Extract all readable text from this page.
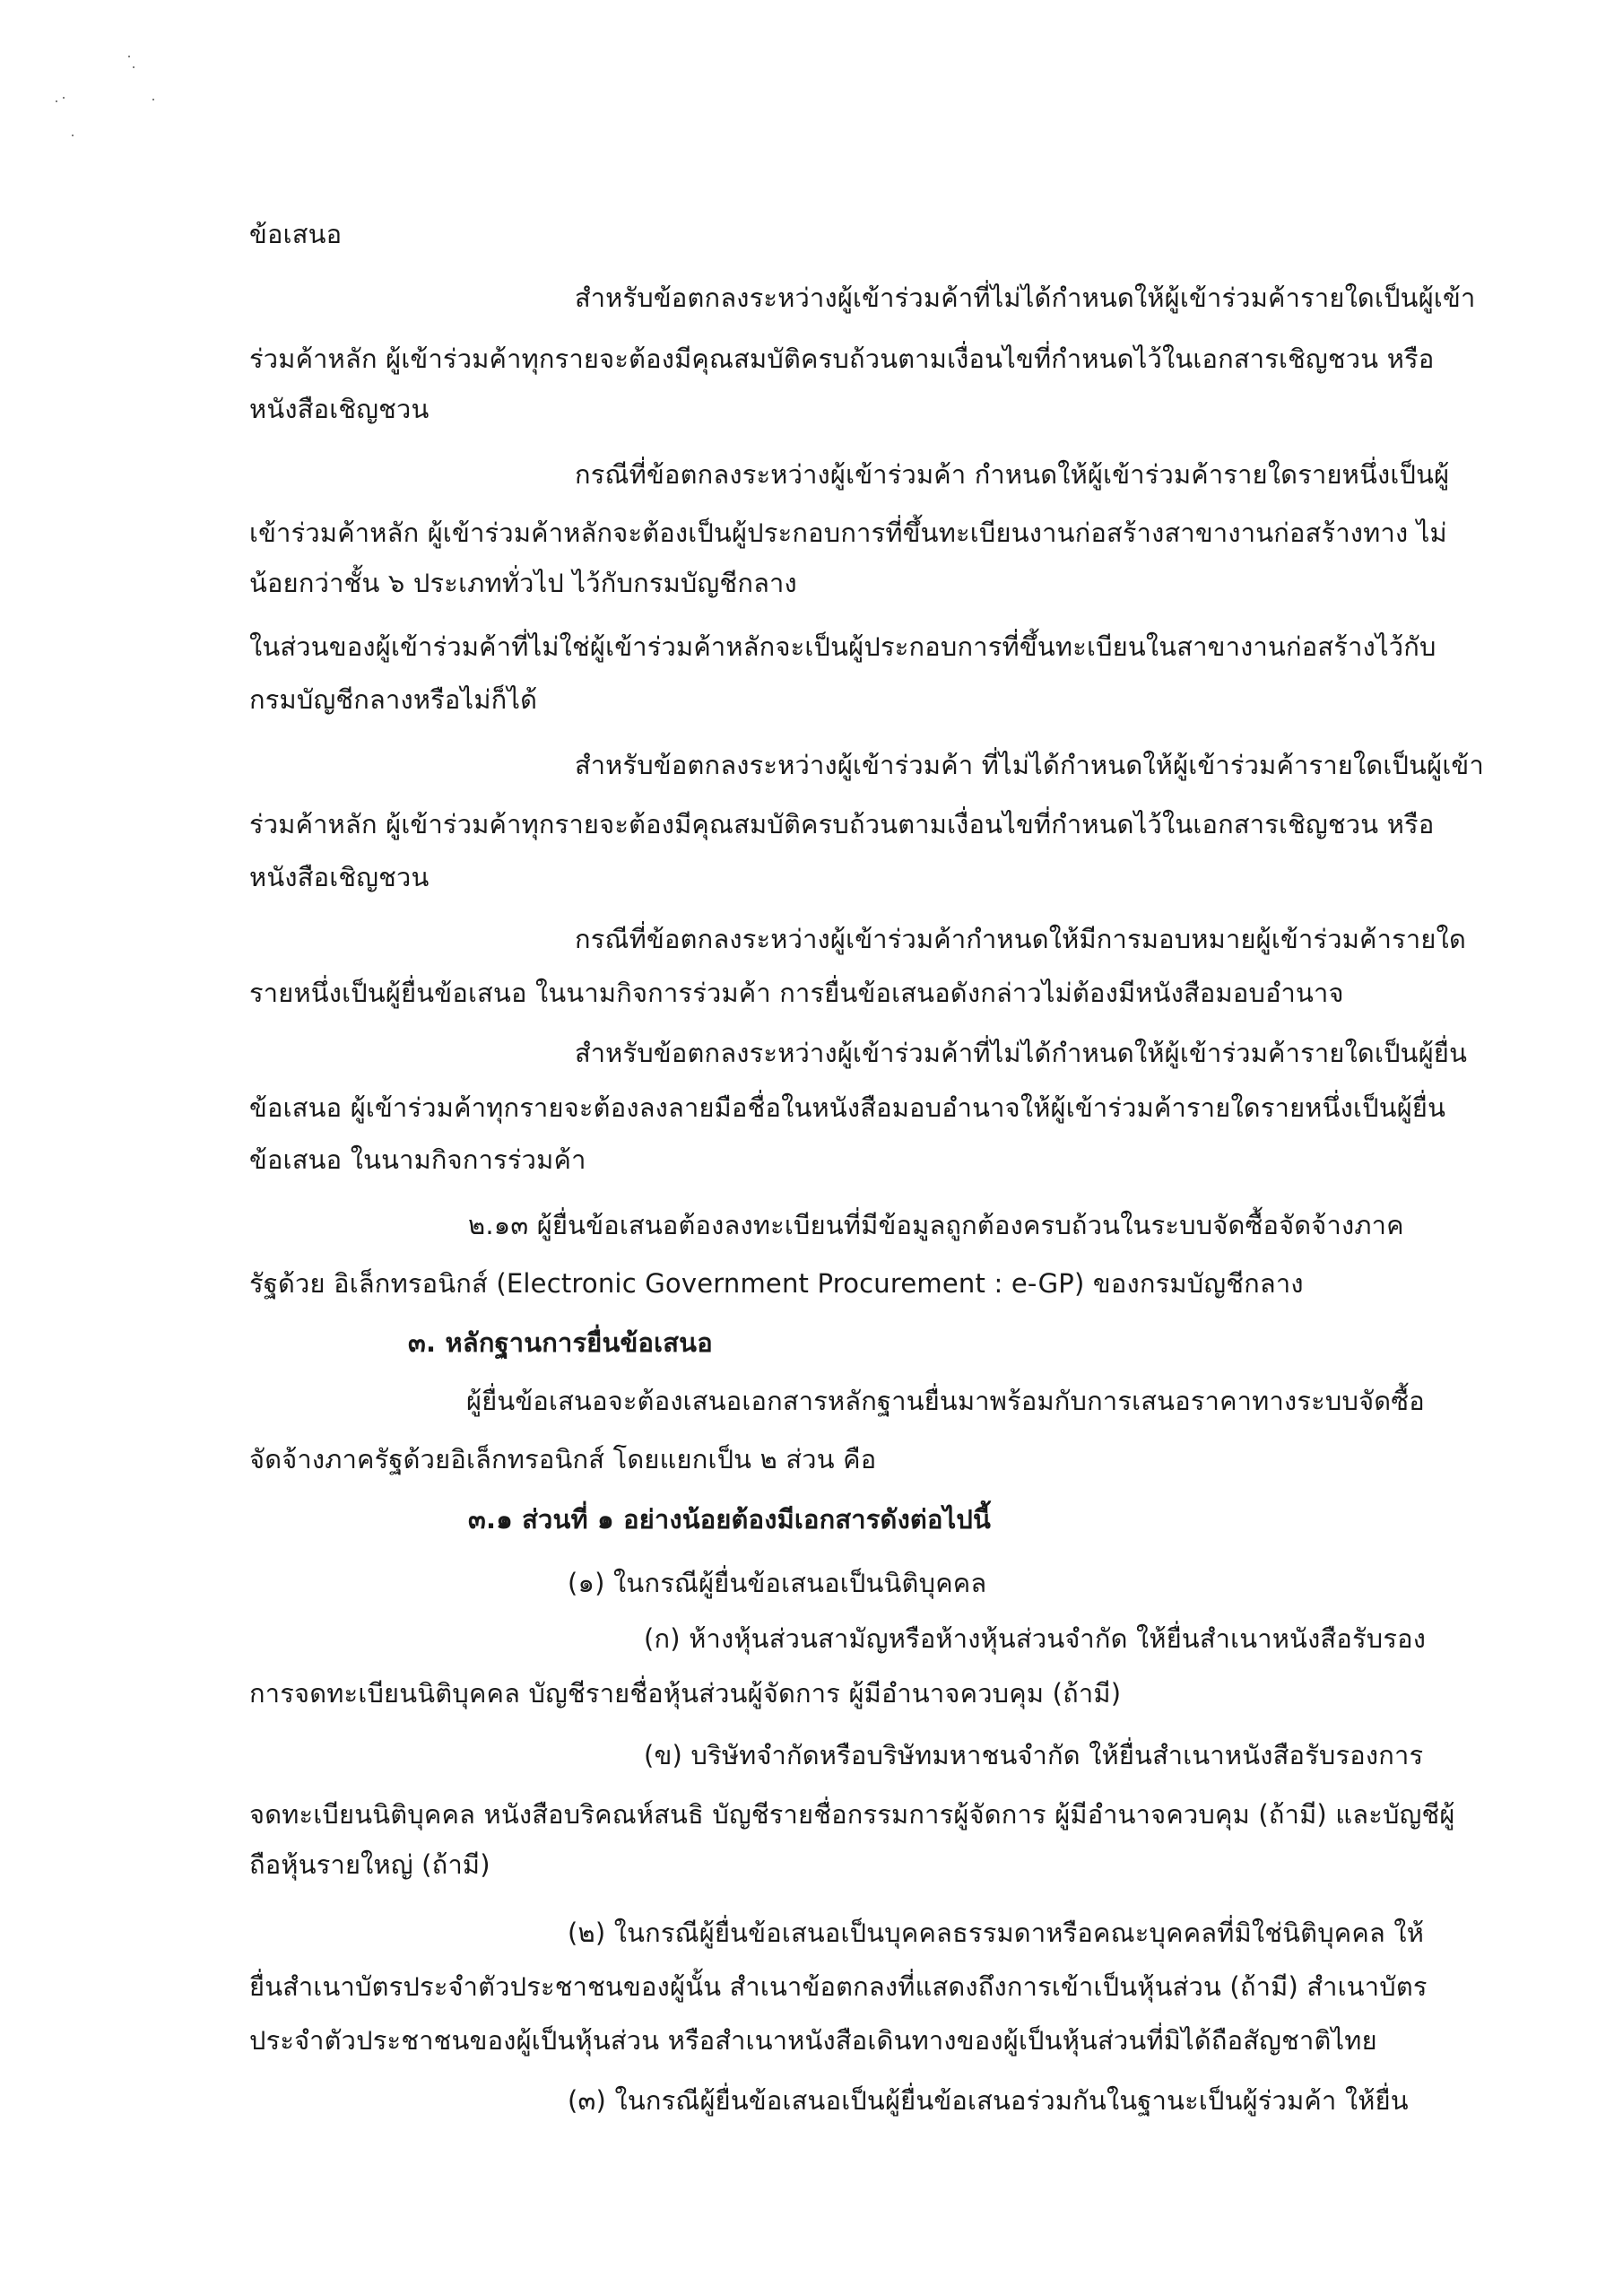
ข้อเสนอ
สำหรับข้อตกลงระหว่างผู้เข้าร่วมค้าที่ไม่ได้กำหนดให้ผู้เข้าร่วมค้ารายใดเป็นผู้เข้า
ร่วมค้าหลัก ผู้เข้าร่วมค้าทุกรายจะต้องมีคุณสมบัติครบถ้วนตามเงื่อนไขที่กำหนดไว้ในเอกสารเชิญชวน หรือ
หนังสือเชิญชวน
กรณีที่ข้อตกลงระหว่างผู้เข้าร่วมค้า กำหนดให้ผู้เข้าร่วมค้ารายใดรายหนึ่งเป็นผู้
เข้าร่วมค้าหลัก ผู้เข้าร่วมค้าหลักจะต้องเป็นผู้ประกอบการที่ขึ้นทะเบียนงานก่อสร้างสาขางานก่อสร้างทาง ไม่
น้อยกว่าชั้น ๖ ประเภททั่วไป ไว้กับกรมบัญชีกลาง
ในส่วนของผู้เข้าร่วมค้าที่ไม่ใช่ผู้เข้าร่วมค้าหลักจะเป็นผู้ประกอบการที่ขึ้นทะเบียนในสาขางานก่อสร้างไว้กับ
กรมบัญชีกลางหรือไม่ก็ได้
สำหรับข้อตกลงระหว่างผู้เข้าร่วมค้า ที่ไม่ได้กำหนดให้ผู้เข้าร่วมค้ารายใดเป็นผู้เข้า
ร่วมค้าหลัก ผู้เข้าร่วมค้าทุกรายจะต้องมีคุณสมบัติครบถ้วนตามเงื่อนไขที่กำหนดไว้ในเอกสารเชิญชวน หรือ
หนังสือเชิญชวน
กรณีที่ข้อตกลงระหว่างผู้เข้าร่วมค้ากำหนดให้มีการมอบหมายผู้เข้าร่วมค้ารายใด
รายหนึ่งเป็นผู้ยื่นข้อเสนอ ในนามกิจการร่วมค้า การยื่นข้อเสนอดังกล่าวไม่ต้องมีหนังสือมอบอำนาจ
สำหรับข้อตกลงระหว่างผู้เข้าร่วมค้าที่ไม่ได้กำหนดให้ผู้เข้าร่วมค้ารายใดเป็นผู้ยื่น
ข้อเสนอ ผู้เข้าร่วมค้าทุกรายจะต้องลงลายมือชื่อในหนังสือมอบอำนาจให้ผู้เข้าร่วมค้ารายใดรายหนึ่งเป็นผู้ยื่น
ข้อเสนอ ในนามกิจการร่วมค้า
๒.๑๓ ผู้ยื่นข้อเสนอต้องลงทะเบียนที่มีข้อมูลถูกต้องครบถ้วนในระบบจัดซื้อจัดจ้างภาค
รัฐด้วย อิเล็กทรอนิกส์ (Electronic Government Procurement : e-GP) ของกรมบัญชีกลาง
๓. หลักฐานการยื่นข้อเสนอ
ผู้ยื่นข้อเสนอจะต้องเสนอเอกสารหลักฐานยื่นมาพร้อมกับการเสนอราคาทางระบบจัดซื้อ
จัดจ้างภาครัฐด้วยอิเล็กทรอนิกส์ โดยแยกเป็น ๒ ส่วน คือ
๓.๑ ส่วนที่ ๑ อย่างน้อยต้องมีเอกสารดังต่อไปนี้
(๑) ในกรณีผู้ยื่นข้อเสนอเป็นนิติบุคคล
(ก) ห้างหุ้นส่วนสามัญหรือห้างหุ้นส่วนจำกัด ให้ยื่นสำเนาหนังสือรับรอง
การจดทะเบียนนิติบุคคล บัญชีรายชื่อหุ้นส่วนผู้จัดการ ผู้มีอำนาจควบคุม (ถ้ามี)
(ข) บริษัทจำกัดหรือบริษัทมหาชนจำกัด ให้ยื่นสำเนาหนังสือรับรองการ
จดทะเบียนนิติบุคคล หนังสือบริคณห์สนธิ บัญชีรายชื่อกรรมการผู้จัดการ ผู้มีอำนาจควบคุม (ถ้ามี) และบัญชีผู้
ถือหุ้นรายใหญ่ (ถ้ามี)
(๒) ในกรณีผู้ยื่นข้อเสนอเป็นบุคคลธรรมดาหรือคณะบุคคลที่มิใช่นิติบุคคล ให้
ยื่นสำเนาบัตรประจำตัวประชาชนของผู้นั้น สำเนาข้อตกลงที่แสดงถึงการเข้าเป็นหุ้นส่วน (ถ้ามี) สำเนาบัตร
ประจำตัวประชาชนของผู้เป็นหุ้นส่วน หรือสำเนาหนังสือเดินทางของผู้เป็นหุ้นส่วนที่มิได้ถือสัญชาติไทย
(๓) ในกรณีผู้ยื่นข้อเสนอเป็นผู้ยื่นข้อเสนอร่วมกันในฐานะเป็นผู้ร่วมค้า ให้ยื่น
